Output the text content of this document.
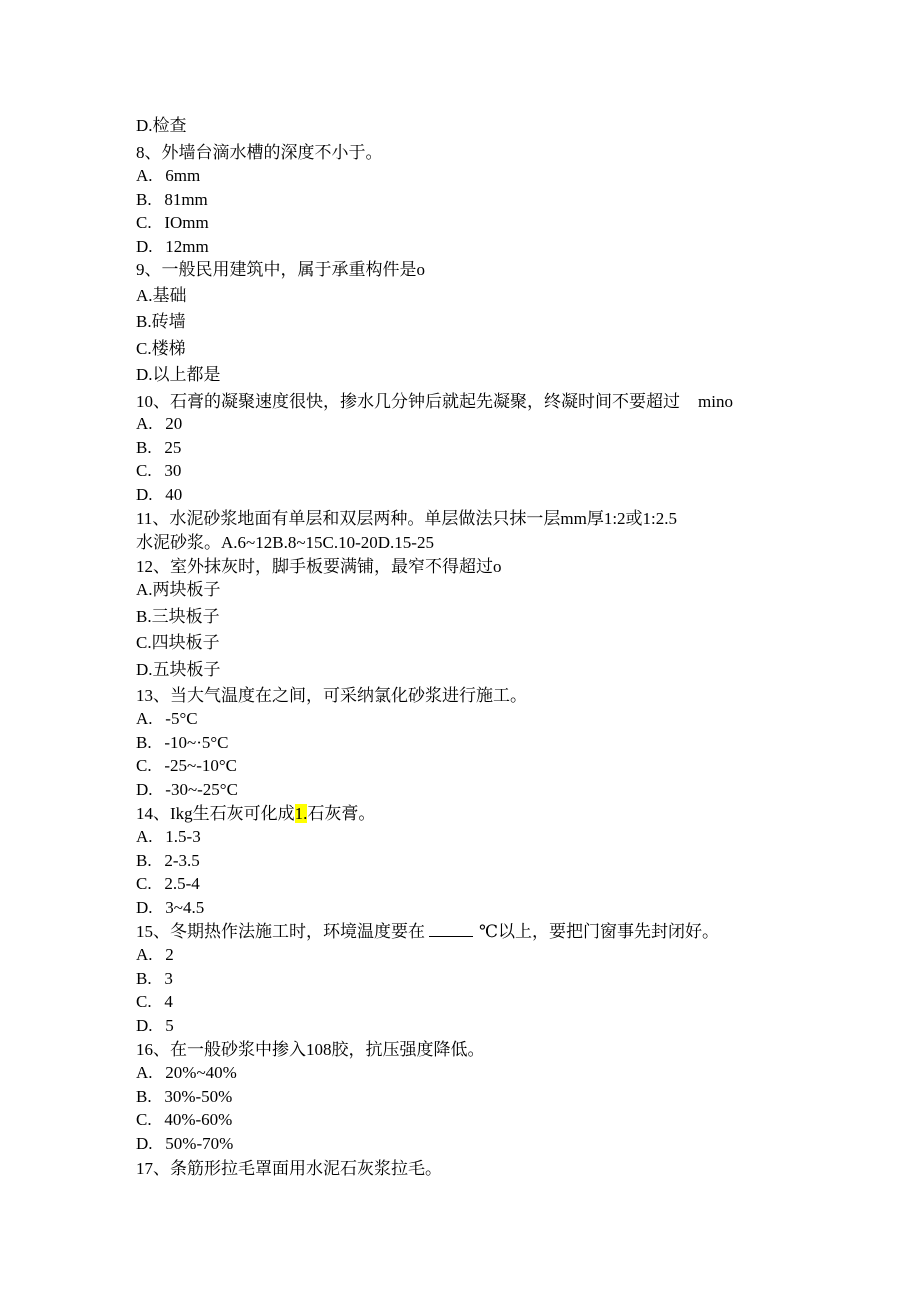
D.检查
8、外墙台滴水槽的深度不小于。
A.   6mm
B.   81mm
C.   IOmm
D.   12mm
9、一般民用建筑中，属于承重构件是o
A.基础
B.砖墙
C.楼梯
D.以上都是
10、石膏的凝聚速度很快，掺水几分钟后就起先凝聚，终凝时间不要超过 mino
A.   20
B.   25
C.   30
D.   40
11、水泥砂浆地面有单层和双层两种。单层做法只抹一层mm厚1:2或1:2.5
水泥砂浆。A.6~12B.8~15C.10-20D.15-25
12、室外抹灰时，脚手板要满铺，最窄不得超过o
A.两块板子
B.三块板子
C.四块板子
D.五块板子
13、当大气温度在之间，可采纳氯化砂浆进行施工。
A.   -5°C
B.   -10~·5°C
C.   -25~-10°C
D.   -30~-25°C
14、Ikg生石灰可化成1.石灰膏。
A.   1.5-3
B.   2-3.5
C.   2.5-4
D.   3~4.5
15、冬期热作法施工时，环境温度要在	℃以上，要把门窗事先封闭好。
A.   2
B.   3
C.   4
D.   5
16、在一般砂浆中掺入108胶，抗压强度降低。
A.   20%~40%
B.   30%-50%
C.   40%-60%
D.   50%-70%
17、条筋形拉毛罩面用水泥石灰浆拉毛。
